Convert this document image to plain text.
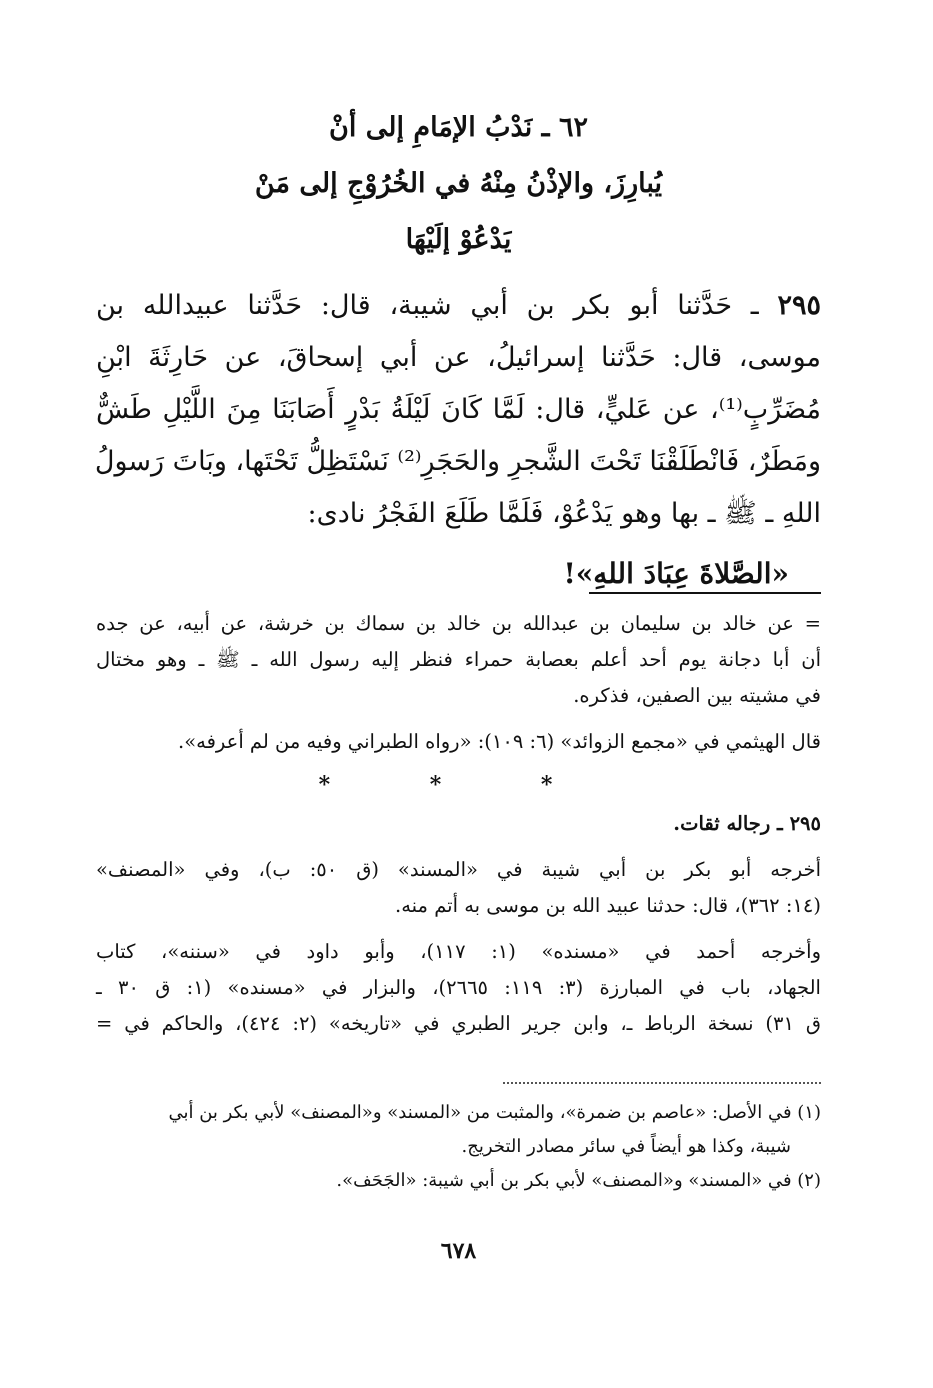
٦٢ ـ نَدْبُ الإمَامِ إلى أنْ
يُبارِزَ، والإذْنُ مِنْهُ في الخُرُوْجِ إلى مَنْ
يَدْعُوْ إلَيْهَا
٢٩٥ ـ حَدَّثنا أبو بكر بن أبي شيبة، قال: حَدَّثنا عبيدالله بن
موسى، قال: حَدَّثنا إسرائيلُ، عن أبي إسحاقَ، عن حَارِثَةَ ابْنِ
مُضَرِّبٍ⁽¹⁾، عن عَليٍّ، قال: لَمَّا كَانَ لَيْلَةُ بَدْرٍ أَصَابَنَا مِنَ اللَّيْلِ طَشٌّ
ومَطَرٌ، فَانْطَلَقْنَا تَحْتَ الشَّجرِ والحَجَرِ⁽²⁾ نَسْتَظِلُّ تَحْتَها، وبَاتَ رَسولُ
اللهِ ـ ﷺ ـ بها وهو يَدْعُوْ، فَلَمَّا طَلَعَ الفَجْرُ نادى:
«الصَّلاةَ عِبَادَ اللهِ»!
= عن خالد بن سليمان بن عبدالله بن خالد بن سماك بن خرشة، عن أبيه، عن جده
أن أبا دجانة يوم أحد أعلم بعصابة حمراء فنظر إليه رسول الله ـ ﷺ ـ وهو مختال
في مشيته بين الصفين، فذكره.
قال الهيثمي في «مجمع الزوائد» (٦: ١٠٩): «رواه الطبراني وفيه من لم أعرفه».
* * *
٢٩٥ ـ رجاله ثقات.
أخرجه أبو بكر بن أبي شيبة في «المسند» (ق ٥٠: ب)، وفي «المصنف»
(١٤: ٣٦٢)، قال: حدثنا عبيد الله بن موسى به أتم منه.
وأخرجه أحمد في «مسنده» (١: ١١٧)، وأبو داود في «سننه»، كتاب
الجهاد، باب في المبارزة (٣: ١١٩: ٢٦٦٥)، والبزار في «مسنده» (١: ق ٣٠ ـ
ق ٣١) نسخة الرباط ـ، وابن جرير الطبري في «تاريخه» (٢: ٤٢٤)، والحاكم في =
(١) في الأصل: «عاصم بن ضمرة»، والمثبت من «المسند» و«المصنف» لأبي بكر بن أبي
شيبة، وكذا هو أيضاً في سائر مصادر التخريج.
(٢) في «المسند» و«المصنف» لأبي بكر بن أبي شيبة: «الجَحَف».
٦٧٨
